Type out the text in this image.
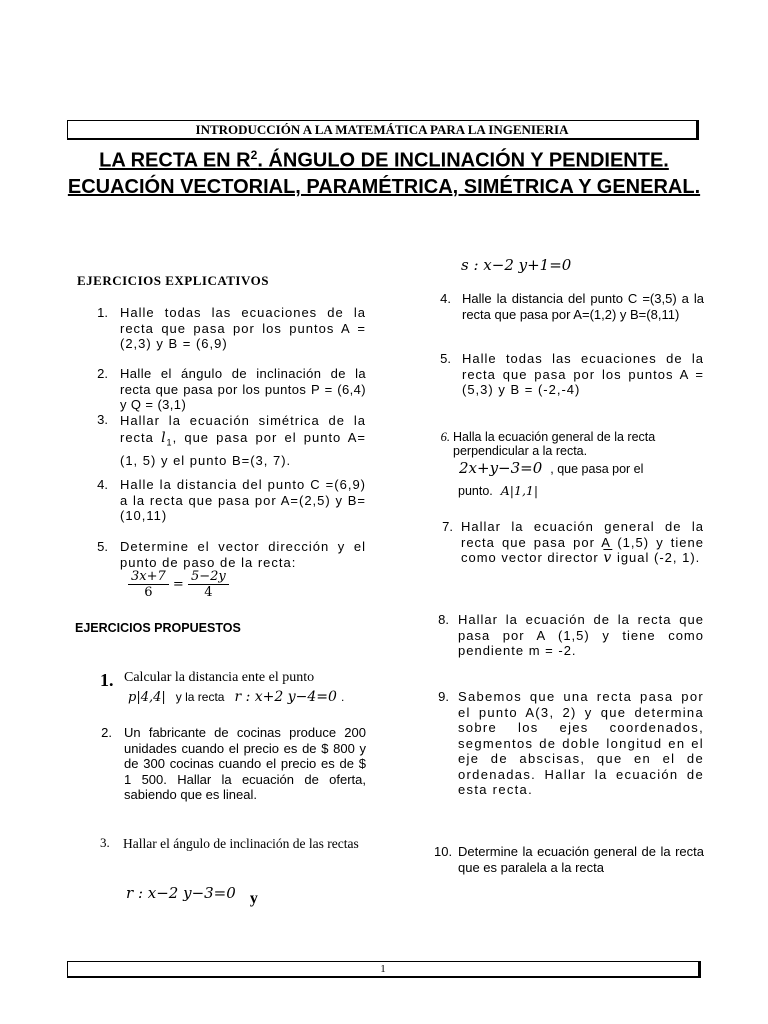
INTRODUCCIÓN A LA MATEMÁTICA PARA LA INGENIERIA
LA RECTA EN $R^2$. ÁNGULO DE INCLINACIÓN Y PENDIENTE.
ECUACIÓN VECTORIAL, PARAMÉTRICA, SIMÉTRICA Y GENERAL.
EJERCICIOS EXPLICATIVOS
1. Halle todas las ecuaciones de la recta que pasa por los puntos A = (2,3) y B = (6,9)
2. Halle el ángulo de inclinación de la recta que pasa por los puntos P = (6,4) y Q = (3,1)
3. Hallar la ecuación simétrica de la recta $l_1$, que pasa por el punto A=(1, 5) y el punto B=(3, 7).
4. Halle la distancia del punto C =(6,9) a la recta que pasa por A=(2,5) y B=(10,11)
5. Determine el vector dirección y el punto de paso de la recta:
$\frac{3x+7}{6} = \frac{5-2y}{4}$
EJERCICIOS PROPUESTOS
1. Calcular la distancia ente el punto
p|4,4| y la recta r : x+2 y−4=0 .
2. Un fabricante de cocinas produce 200 unidades cuando el precio es de $ 800 y de 300 cocinas cuando el precio es de $ 1 500. Hallar la ecuación de oferta, sabiendo que es lineal.
3. Hallar el ángulo de inclinación de las rectas
r : x−2 y−3=0 y
s : x−2 y+1=0
4. Halle la distancia del punto C =(3,5) a la recta que pasa por A=(1,2) y B=(8,11)
5. Halle todas las ecuaciones de la recta que pasa por los puntos A = (5,3) y B = (-2,-4)
6. Halla la ecuación general de la recta perpendicular a la recta.
2x+y−3=0 , que pasa por el
punto. A|1,1|
7. Hallar la ecuación general de la recta que pasa por A (1,5) y tiene como vector director $\overline{v}$ igual (-2, 1).
8. Hallar la ecuación de la recta que pasa por A (1,5) y tiene como pendiente m = -2.
9. Sabemos que una recta pasa por el punto A(3, 2) y que determina sobre los ejes coordenados, segmentos de doble longitud en el eje de abscisas, que en el de ordenadas. Hallar la ecuación de esta recta.
10. Determine la ecuación general de la recta que es paralela a la recta
1
